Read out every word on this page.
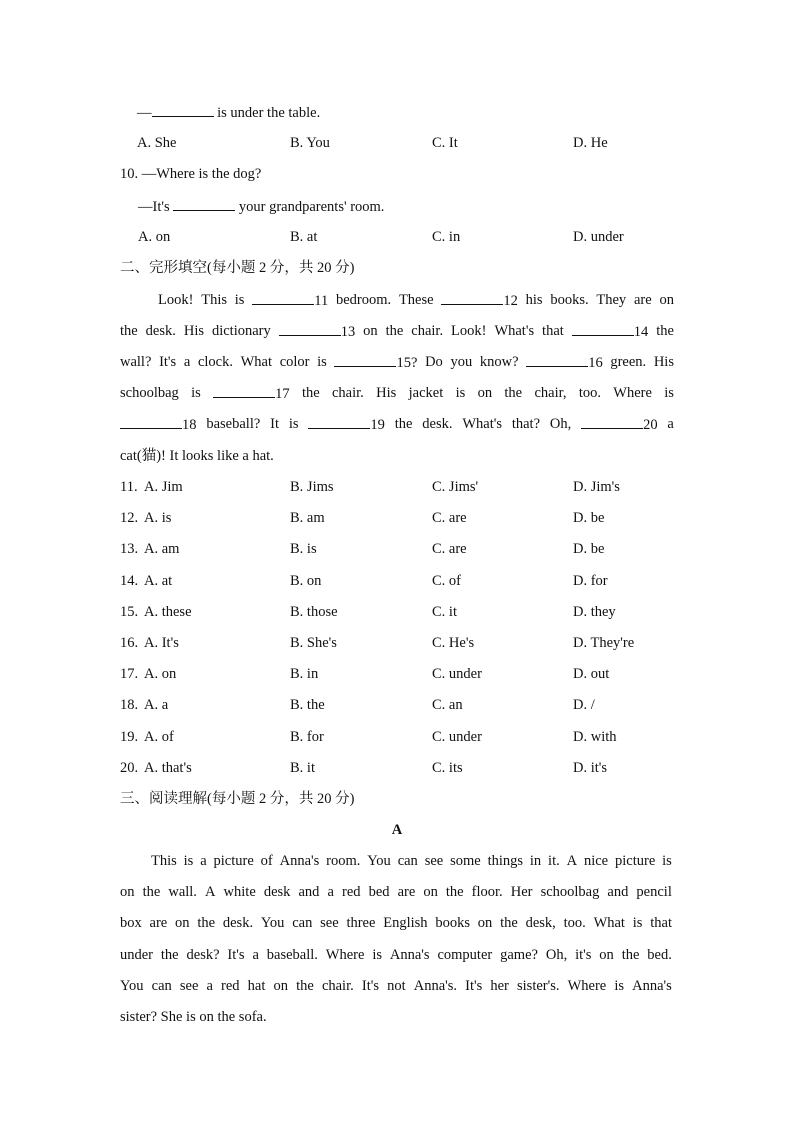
—	is under the table.
A. She	B. You	C. It	D. He
10. —Where is the dog?
—It's	your grandparents' room.
A. on	B. at	C. in	D. under
二、完形填空(每小题 2 分，共 20 分)
Look! This is	11 bedroom. These	12 his books. They are on
the desk. His dictionary	13 on the chair. Look! What's that	14 the
wall? It's a clock. What color is	15? Do you know?	16 green. His
schoolbag is	17 the chair. His jacket is on the chair, too. Where is
18 baseball? It is	19 the desk. What's that? Oh,	20 a
cat(猫)! It looks like a hat.
11. A. Jim	B. Jims	C. Jims'	D. Jim's
12. A. is	B. am	C. are	D. be
13. A. am	B. is	C. are	D. be
14. A. at	B. on	C. of	D. for
15. A. these	B. those	C. it	D. they
16. A. It's	B. She's	C. He's	D. They're
17. A. on	B. in	C. under	D. out
18. A. a	B. the	C. an	D. /
19. A. of	B. for	C. under	D. with
20. A. that's	B. it	C. its	D. it's
三、阅读理解(每小题 2 分，共 20 分)
A
This is a picture of Anna's room. You can see some things in it. A nice picture is
on the wall. A white desk and a red bed are on the floor. Her schoolbag and pencil
box are on the desk. You can see three English books on the desk, too. What is that
under the desk? It's a baseball. Where is Anna's computer game? Oh, it's on the bed.
You can see a red hat on the chair. It's not Anna's. It's her sister's. Where is Anna's
sister? She is on the sofa.
